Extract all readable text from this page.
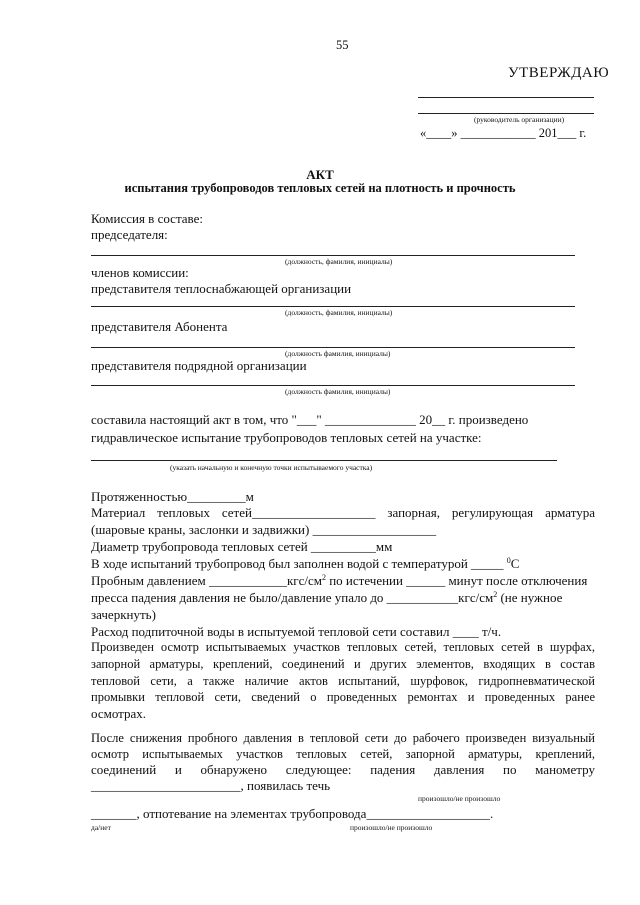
55
УТВЕРЖДАЮ
(руководитель организации)
«____» ____________ 201___ г.
АКТ
испытания трубопроводов тепловых сетей на плотность и прочность
Комиссия в составе:
председателя:
(должность, фамилия, инициалы)
членов комиссии:
представителя теплоснабжающей организации
(должность, фамилия, инициалы)
представителя Абонента
(должность фамилия, инициалы)
представителя подрядной организации
(должность фамилия, инициалы)
составила настоящий акт в том, что "___" ______________ 20__ г. произведено
гидравлическое испытание трубопроводов тепловых сетей на участке:
(указать начальную и конечную точки испытываемого участка)
Протяженностью_________м
Материал тепловых сетей___________________ запорная, регулирующая арматура
(шаровые краны, заслонки и задвижки) ___________________
Диаметр трубопровода тепловых сетей __________мм
В ходе испытаний трубопровод был заполнен водой с температурой _____ $^0$С
Пробным давлением $\_\_\_\_\_\_\_\_\_\_\_\_кгс/см^2$ по истечении ______ минут после отключения
пресса падения давления не было/давление упало до $\_\_\_\_\_\_\_\_\_\_\_кгс/см^2$ (не нужное
зачеркнуть)
Расход подпиточной воды в испытуемой тепловой сети составил ____ т/ч.
Произведен осмотр испытываемых участков тепловых сетей, тепловых сетей в шурфах,
запорной арматуры, креплений, соединений и других элементов, входящих в состав
тепловой сети, а также наличие актов испытаний, шурфовок, гидропневматической
промывки тепловой сети, сведений о проведенных ремонтах и проведенных ранее
осмотрах.
После снижения пробного давления в тепловой сети до рабочего произведен визуальный
осмотр испытываемых участков тепловых сетей, запорной арматуры, креплений,
соединений и обнаружено следующее: падения давления по манометру
_______________________, появилась течь
произошло/не произошло
_______, отпотевание на элементах трубопровода___________________.
да/нет	произошло/не произошло
